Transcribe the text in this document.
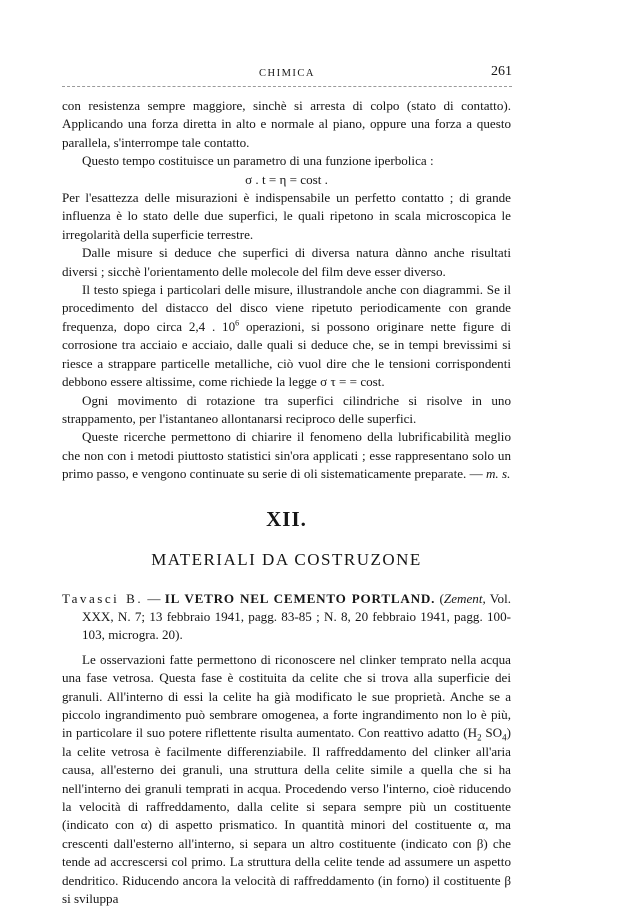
CHIMICA	261

con resistenza sempre maggiore, sinchè si arresta di colpo (stato di contatto). Applicando una forza diretta in alto e normale al piano, oppure una forza a questo parallela, s'interrompe tale contatto.

Questo tempo costituisce un parametro di una funzione iperbolica :

σ . t = η = cost .

Per l'esattezza delle misurazioni è indispensabile un perfetto contatto ; di grande influenza è lo stato delle due superfici, le quali ripetono in scala microscopica le irregolarità della superficie terrestre.

Dalle misure si deduce che superfici di diversa natura dànno anche risultati diversi ; sicchè l'orientamento delle molecole del film deve esser diverso.

Il testo spiega i particolari delle misure, illustrandole anche con diagrammi. Se il procedimento del distacco del disco viene ripetuto periodicamente con grande frequenza, dopo circa 2,4 . $10^6$ operazioni, si possono originare nette figure di corrosione tra acciaio e acciaio, dalle quali si deduce che, se in tempi brevissimi si riesce a strappare particelle metalliche, ciò vuol dire che le tensioni corrispondenti debbono essere altissime, come richiede la legge σ τ = = cost.

Ogni movimento di rotazione tra superfici cilindriche si risolve in uno strappamento, per l'istantaneo allontanarsi reciproco delle superfici.

Queste ricerche permettono di chiarire il fenomeno della lubrificabilità meglio che non con i metodi piuttosto statistici sin'ora applicati ; esse rappresentano solo un primo passo, e vengono continuate su serie di oli sistematicamente preparate. — m. s.

XII.
MATERIALI DA COSTRUZONE

Tavasci B. — IL VETRO NEL CEMENTO PORTLAND. (Zement, Vol. XXX, N. 7; 13 febbraio 1941, pagg. 83-85 ; N. 8, 20 febbraio 1941, pagg. 100-103, microgra. 20).

Le osservazioni fatte permettono di riconoscere nel clinker temprato nella acqua una fase vetrosa. Questa fase è costituita da celite che si trova alla superficie dei granuli. All'interno di essi la celite ha già modificato le sue proprietà. Anche se a piccolo ingrandimento può sembrare omogenea, a forte ingrandimento non lo è più, in particolare il suo potere riflettente risulta aumentato. Con reattivo adatto ($H_2$ $SO_4$) la celite vetrosa è facilmente differenziabile. Il raffreddamento del clinker all'aria causa, all'esterno dei granuli, una struttura della celite simile a quella che si ha nell'interno dei granuli temprati in acqua. Procedendo verso l'interno, cioè riducendo la velocità di raffreddamento, dalla celite si separa sempre più un costituente (indicato con α) di aspetto prismatico. In quantità minori del costituente α, ma crescenti dall'esterno all'interno, si separa un altro costituente (indicato con β) che tende ad accrescersi col primo. La struttura della celite tende ad assumere un aspetto dendritico. Riducendo ancora la velocità di raffreddamento (in forno) il costituente β si sviluppa
